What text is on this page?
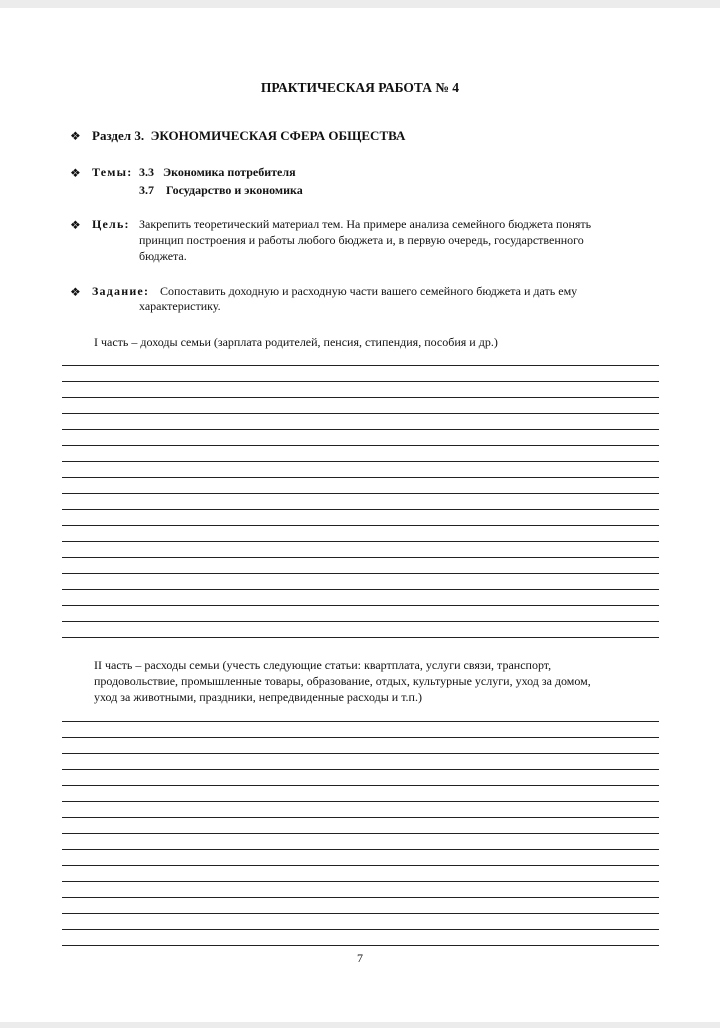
ПРАКТИЧЕСКАЯ РАБОТА № 4
❖ Раздел 3. ЭКОНОМИЧЕСКАЯ СФЕРА ОБЩЕСТВА
❖ Темы: 3.3 Экономика потребителя
3.7 Государство и экономика
❖ Цель: Закрепить теоретический материал тем. На примере анализа семейного бюджета понять
принцип построения и работы любого бюджета и, в первую очередь, государственного
бюджета.
❖ Задание: Сопоставить доходную и расходную части вашего семейного бюджета и дать ему
характеристику.
I часть – доходы семьи (зарплата родителей, пенсия, стипендия, пособия и др.)
II часть – расходы семьи (учесть следующие статьи: квартплата, услуги связи, транспорт,
продовольствие, промышленные товары, образование, отдых, культурные услуги, уход за домом,
уход за животными, праздники, непредвиденные расходы и т.п.)
7
